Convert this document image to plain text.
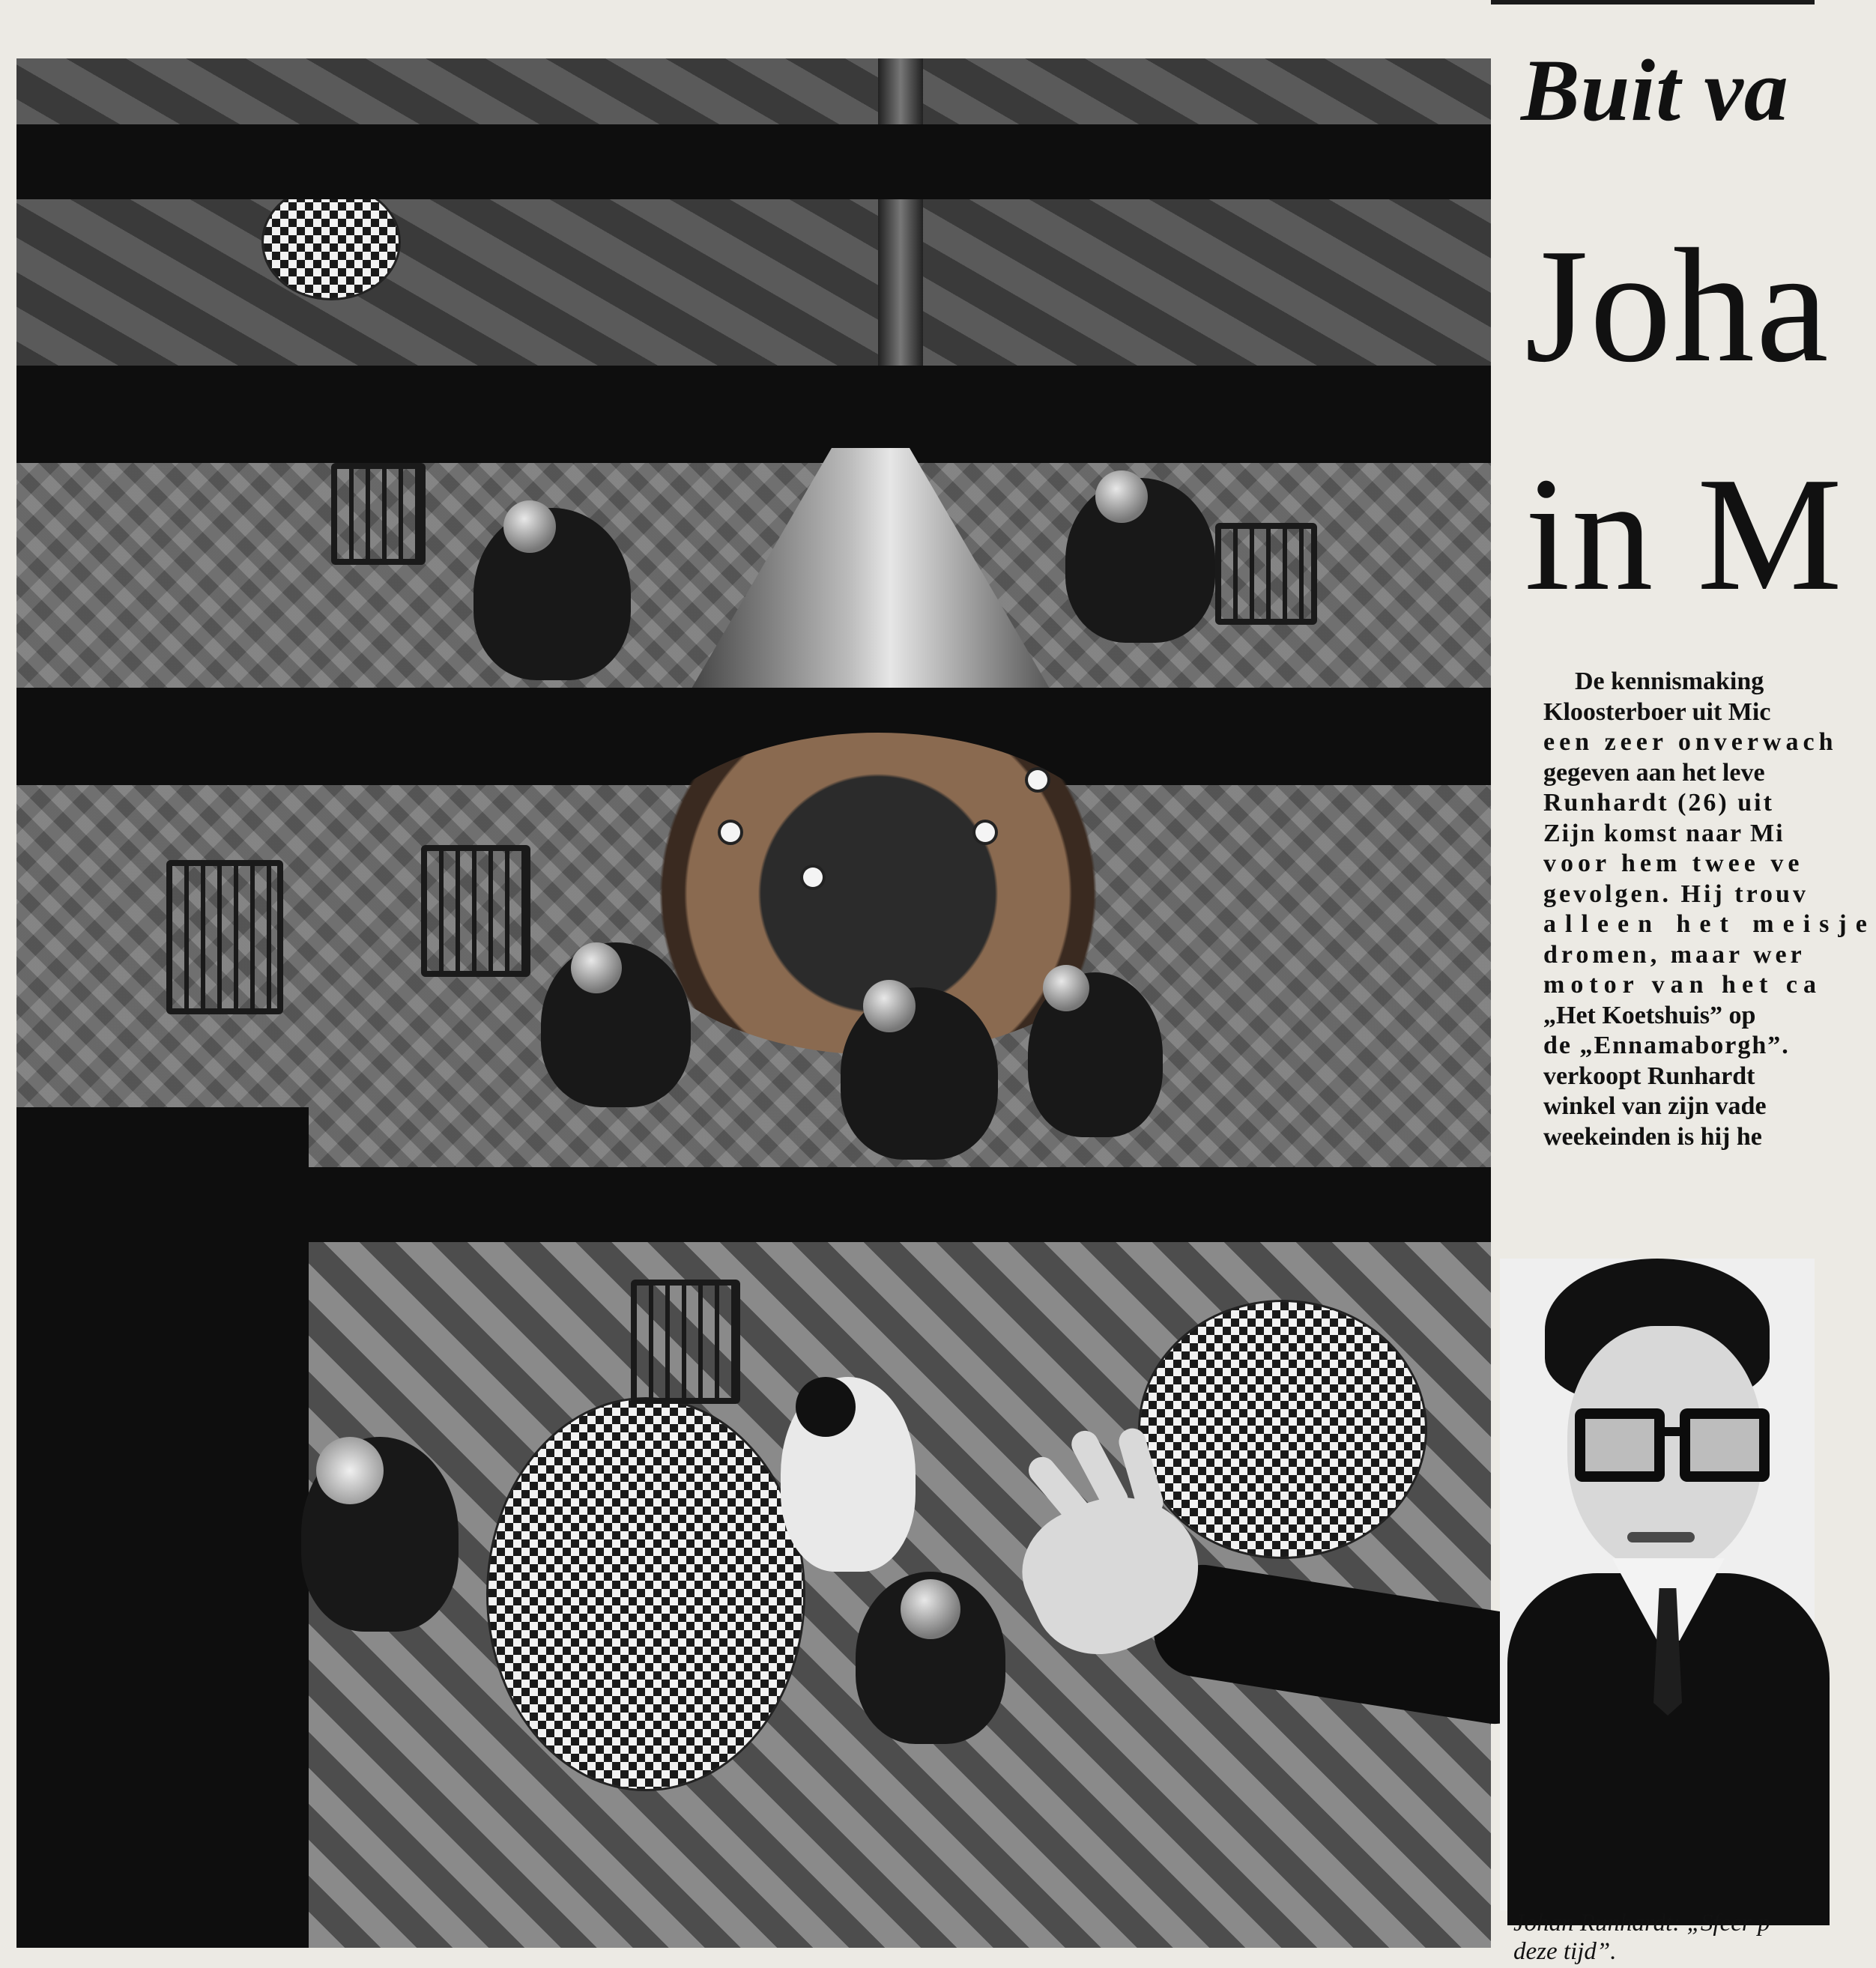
Buit va
Joha
in M
De kennismaking
Kloosterboer uit Mic
een zeer onverwach
gegeven aan het leve
Runhardt (26) uit
Zijn komst naar Mi
voor hem twee ve
gevolgen. Hij trouv
alleen het meisje
dromen, maar wer
motor van het ca
„Het Koetshuis” op
de „Ennamaborgh”.
verkoopt Runhardt
winkel van zijn vade
weekeinden is hij he
Johan Runhardt: „Sfeer p
deze tijd”.
